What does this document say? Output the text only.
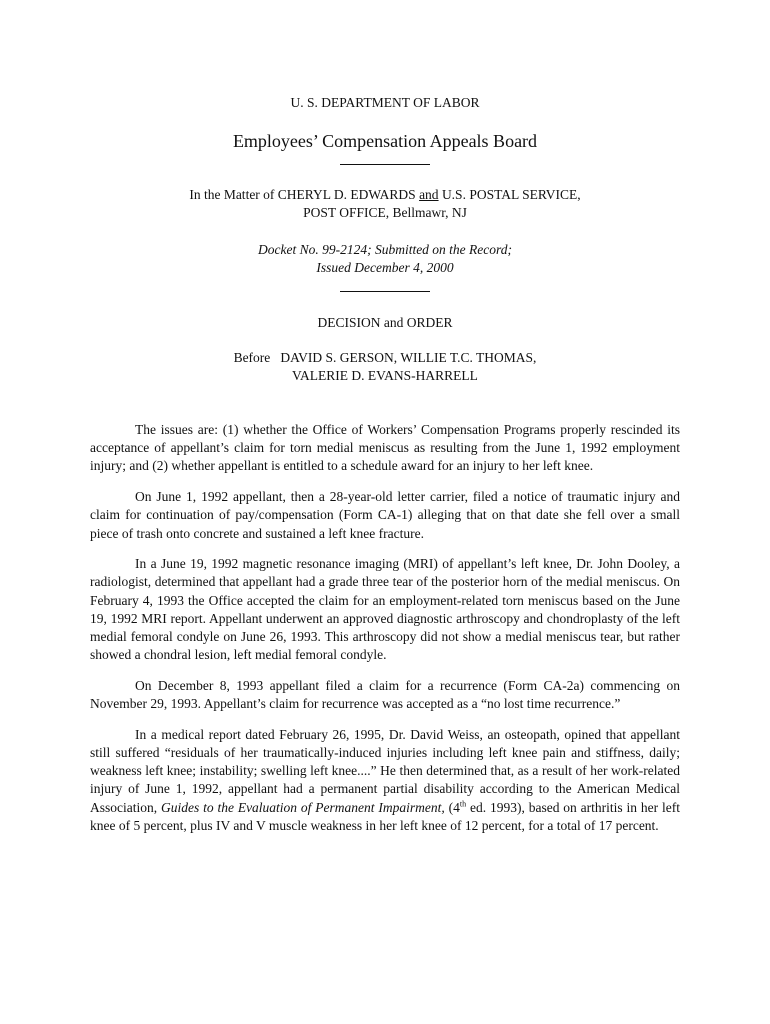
U. S. DEPARTMENT OF LABOR
Employees’ Compensation Appeals Board
In the Matter of CHERYL D. EDWARDS and U.S. POSTAL SERVICE,
POST OFFICE, Bellmawr, NJ
Docket No. 99-2124; Submitted on the Record;
Issued December 4, 2000
DECISION and ORDER
Before   DAVID S. GERSON, WILLIE T.C. THOMAS,
VALERIE D. EVANS-HARRELL

The issues are: (1) whether the Office of Workers’ Compensation Programs properly rescinded its acceptance of appellant’s claim for torn medial meniscus as resulting from the June 1, 1992 employment injury; and (2) whether appellant is entitled to a schedule award for an injury to her left knee.

On June 1, 1992 appellant, then a 28-year-old letter carrier, filed a notice of traumatic injury and claim for continuation of pay/compensation (Form CA-1) alleging that on that date she fell over a small piece of trash onto concrete and sustained a left knee fracture.

In a June 19, 1992 magnetic resonance imaging (MRI) of appellant’s left knee, Dr. John Dooley, a radiologist, determined that appellant had a grade three tear of the posterior horn of the medial meniscus. On February 4, 1993 the Office accepted the claim for an employment-related torn meniscus based on the June 19, 1992 MRI report. Appellant underwent an approved diagnostic arthroscopy and chondroplasty of the left medial femoral condyle on June 26, 1993. This arthroscopy did not show a medial meniscus tear, but rather showed a chondral lesion, left medial femoral condyle.

On December 8, 1993 appellant filed a claim for a recurrence (Form CA-2a) commencing on November 29, 1993. Appellant’s claim for recurrence was accepted as a “no lost time recurrence.”

In a medical report dated February 26, 1995, Dr. David Weiss, an osteopath, opined that appellant still suffered “residuals of her traumatically-induced injuries including left knee pain and stiffness, daily; weakness left knee; instability; swelling left knee....” He then determined that, as a result of her work-related injury of June 1, 1992, appellant had a permanent partial disability according to the American Medical Association, Guides to the Evaluation of Permanent Impairment, (4th ed. 1993), based on arthritis in her left knee of 5 percent, plus IV and V muscle weakness in her left knee of 12 percent, for a total of 17 percent.
